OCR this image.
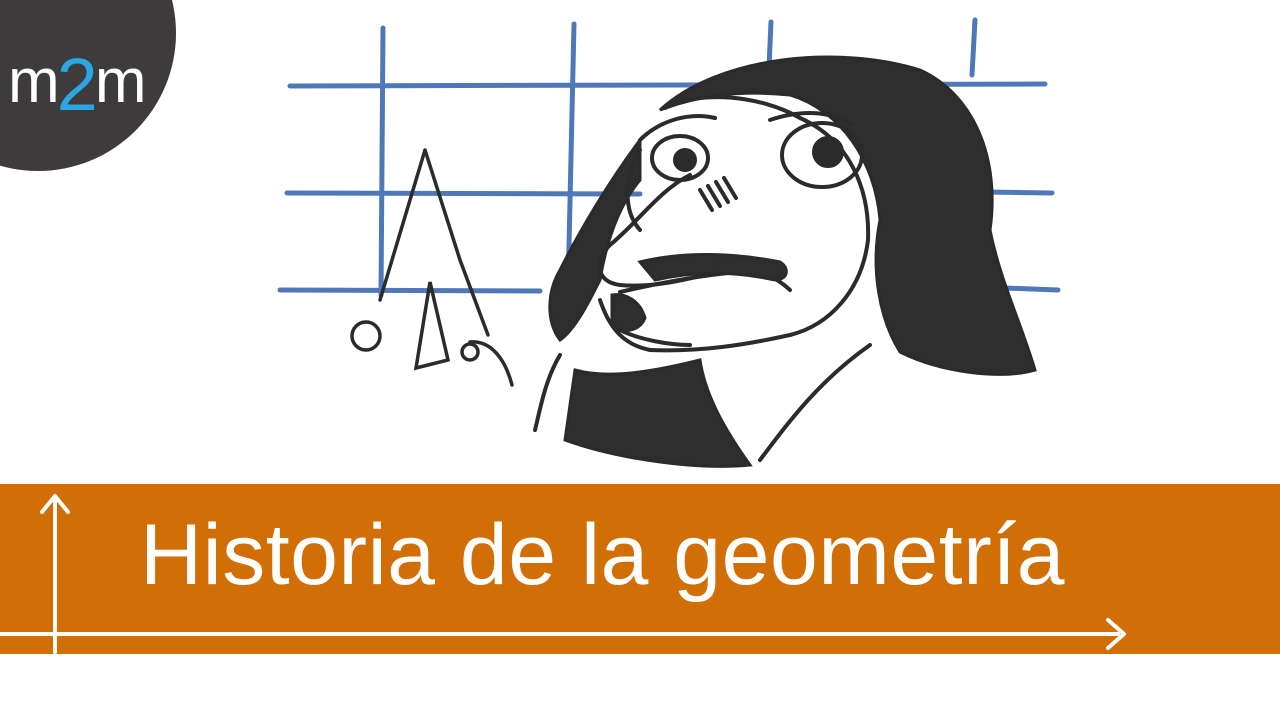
m2m
Historia de la geometría
